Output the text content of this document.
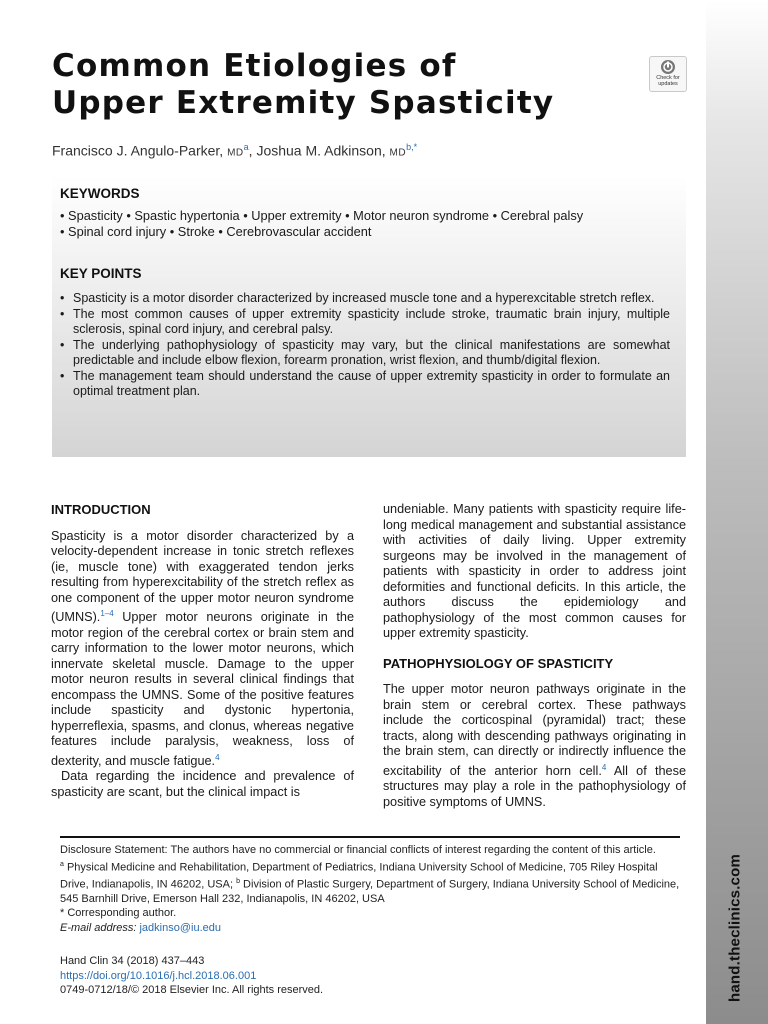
hand.theclinics.com
Common Etiologies of
Upper Extremity Spasticity
Check for
updates
Francisco J. Angulo-Parker, $MD^a$, Joshua M. Adkinson, $MD^{b,*}$
KEYWORDS
• Spasticity • Spastic hypertonia • Upper extremity • Motor neuron syndrome • Cerebral palsy
• Spinal cord injury • Stroke • Cerebrovascular accident
KEY POINTS
• Spasticity is a motor disorder characterized by increased muscle tone and a hyperexcitable stretch reflex.
• The most common causes of upper extremity spasticity include stroke, traumatic brain injury, multiple sclerosis, spinal cord injury, and cerebral palsy.
• The underlying pathophysiology of spasticity may vary, but the clinical manifestations are somewhat predictable and include elbow flexion, forearm pronation, wrist flexion, and thumb/digital flexion.
• The management team should understand the cause of upper extremity spasticity in order to formulate an optimal treatment plan.
INTRODUCTION

Spasticity is a motor disorder characterized by a velocity-dependent increase in tonic stretch reflexes (ie, muscle tone) with exaggerated tendon jerks resulting from hyperexcitability of the stretch reflex as one component of the upper motor neuron syndrome (UMNS).$^{1-4}$ Upper motor neurons originate in the motor region of the cerebral cortex or brain stem and carry information to the lower motor neurons, which innervate skeletal muscle. Damage to the upper motor neuron results in several clinical findings that encompass the UMNS. Some of the positive features include spasticity and dystonic hypertonia, hyperreflexia, spasms, and clonus, whereas negative features include paralysis, weakness, loss of dexterity, and muscle fatigue.$^4$

Data regarding the incidence and prevalence of spasticity are scant, but the clinical impact is

undeniable. Many patients with spasticity require life-long medical management and substantial assistance with activities of daily living. Upper extremity surgeons may be involved in the management of patients with spasticity in order to address joint deformities and functional deficits. In this article, the authors discuss the epidemiology and pathophysiology of the most common causes for upper extremity spasticity.

PATHOPHYSIOLOGY OF SPASTICITY

The upper motor neuron pathways originate in the brain stem or cerebral cortex. These pathways include the corticospinal (pyramidal) tract; these tracts, along with descending pathways originating in the brain stem, can directly or indirectly influence the excitability of the anterior horn cell.$^4$ All of these structures may play a role in the pathophysiology of positive symptoms of UMNS.

Disclosure Statement: The authors have no commercial or financial conflicts of interest regarding the content of this article.

$^a$ Physical Medicine and Rehabilitation, Department of Pediatrics, Indiana University School of Medicine, 705 Riley Hospital Drive, Indianapolis, IN 46202, USA; $^b$ Division of Plastic Surgery, Department of Surgery, Indiana University School of Medicine, 545 Barnhill Drive, Emerson Hall 232, Indianapolis, IN 46202, USA

* Corresponding author.

E-mail address: jadkinso@iu.edu

Hand Clin 34 (2018) 437–443
https://doi.org/10.1016/j.hcl.2018.06.001
0749-0712/18/© 2018 Elsevier Inc. All rights reserved.
